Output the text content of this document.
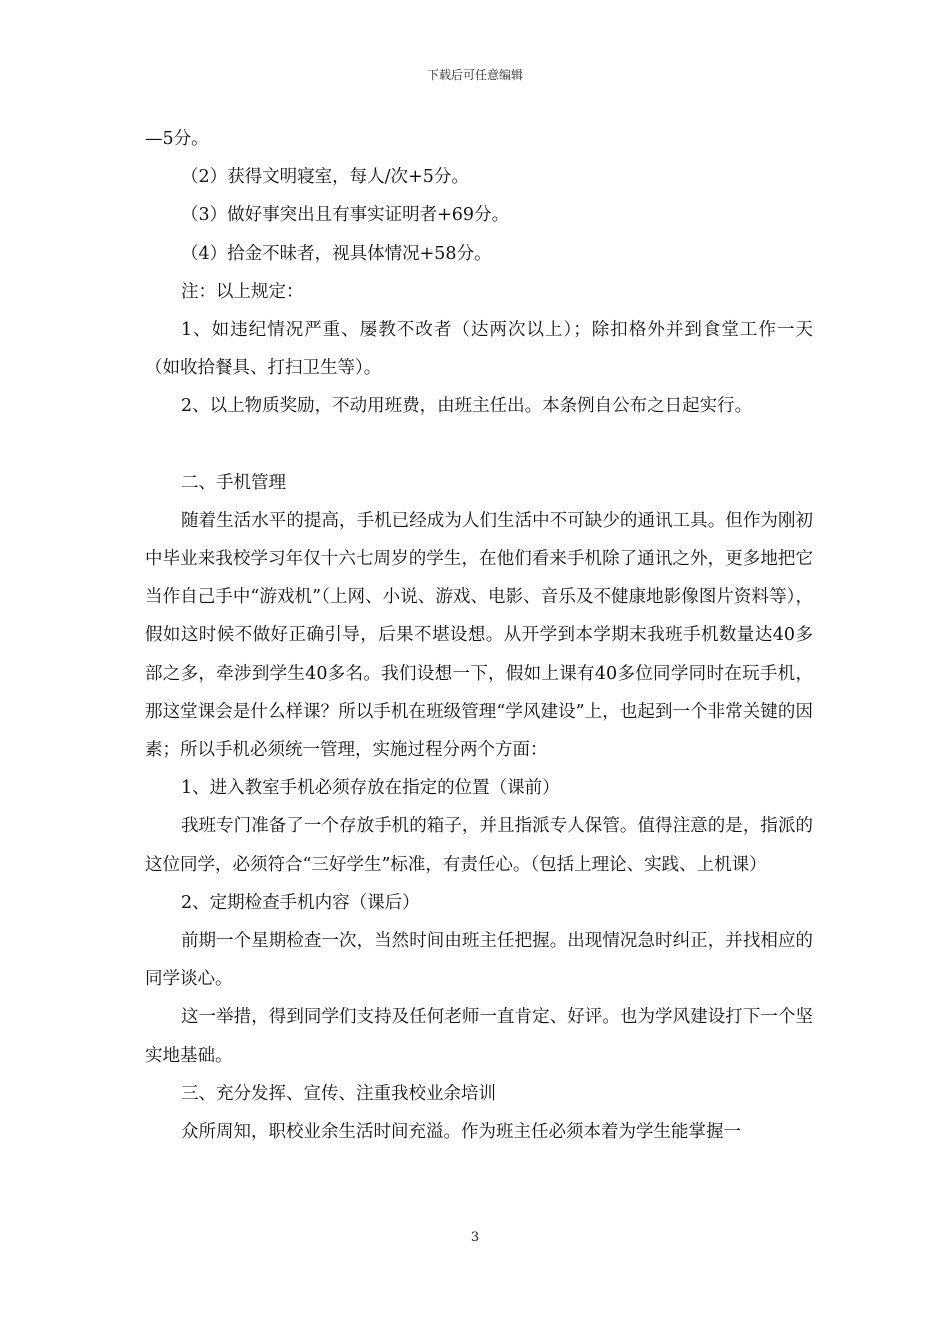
下载后可任意编辑

—5分。

（2）获得文明寝室，每人/次+5分。

（3）做好事突出且有事实证明者+69分。

（4）拾金不昧者，视具体情况+58分。

注：以上规定：

1、如违纪情况严重、屡教不改者（达两次以上）；除扣格外并到食堂工作一天（如收拾餐具、打扫卫生等）。

2、以上物质奖励，不动用班费，由班主任出。本条例自公布之日起实行。

二、手机管理

随着生活水平的提高，手机已经成为人们生活中不可缺少的通讯工具。但作为刚初中毕业来我校学习年仅十六七周岁的学生，在他们看来手机除了通讯之外，更多地把它当作自己手中“游戏机”（上网、小说、游戏、电影、音乐及不健康地影像图片资料等），假如这时候不做好正确引导，后果不堪设想。从开学到本学期末我班手机数量达40多部之多，牵涉到学生40多名。我们设想一下，假如上课有40多位同学同时在玩手机，那这堂课会是什么样课？所以手机在班级管理“学风建设”上，也起到一个非常关键的因素；所以手机必须统一管理，实施过程分两个方面：

1、进入教室手机必须存放在指定的位置（课前）

我班专门准备了一个存放手机的箱子，并且指派专人保管。值得注意的是，指派的这位同学，必须符合“三好学生”标准，有责任心。（包括上理论、实践、上机课）

2、定期检查手机内容（课后）

前期一个星期检查一次，当然时间由班主任把握。出现情况急时纠正，并找相应的同学谈心。

这一举措，得到同学们支持及任何老师一直肯定、好评。也为学风建设打下一个坚实地基础。

三、充分发挥、宣传、注重我校业余培训

众所周知，职校业余生活时间充溢。作为班主任必须本着为学生能掌握一

3
